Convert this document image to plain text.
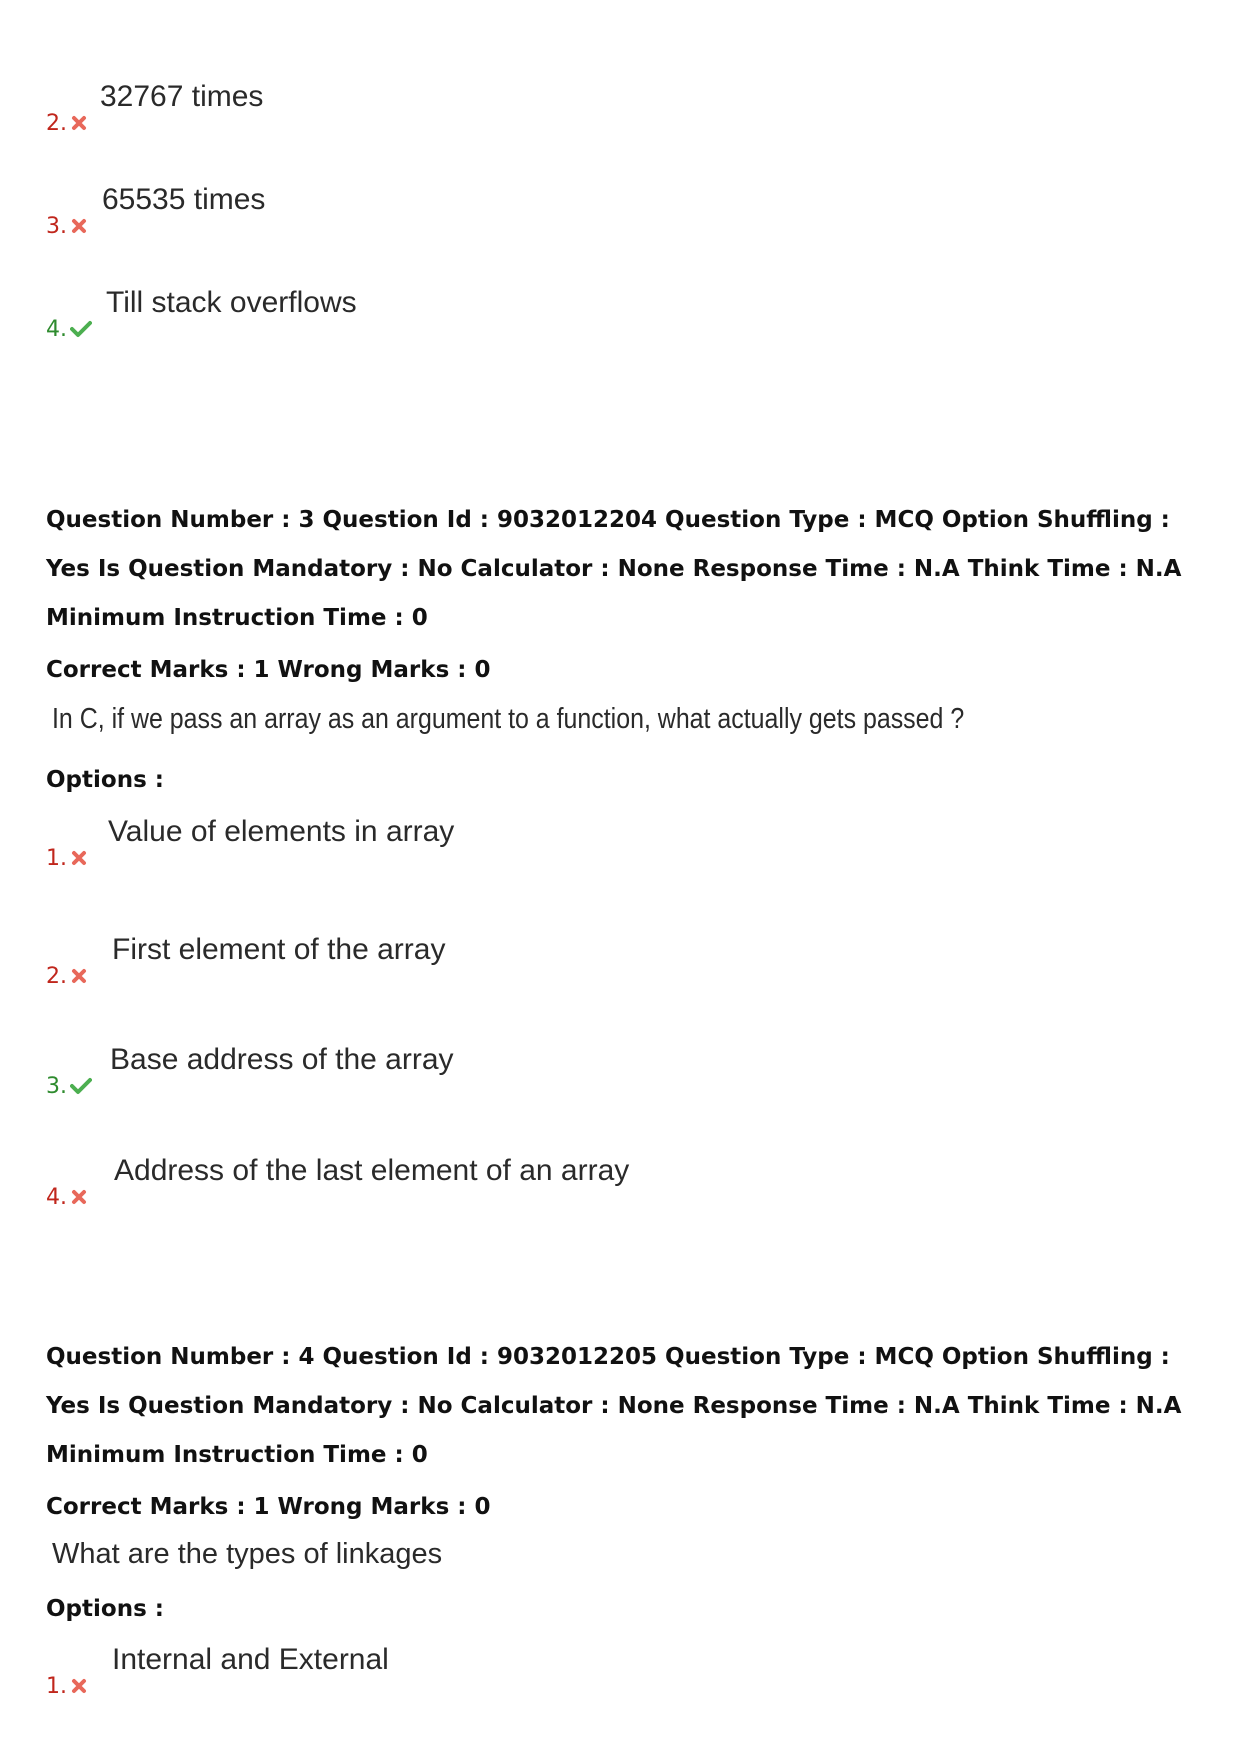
2.
32767 times
3.
65535 times
4.
Till stack overflows
Question Number : 3 Question Id : 9032012204 Question Type : MCQ Option Shuffling : Yes Is Question Mandatory : No Calculator : None Response Time : N.A Think Time : N.A Minimum Instruction Time : 0
Correct Marks : 1 Wrong Marks : 0
In C, if we pass an array as an argument to a function, what actually gets passed ?
Options :
1.
Value of elements in array
2.
First element of the array
3.
Base address of the array
4.
Address of the last element of an array
Question Number : 4 Question Id : 9032012205 Question Type : MCQ Option Shuffling : Yes Is Question Mandatory : No Calculator : None Response Time : N.A Think Time : N.A Minimum Instruction Time : 0
Correct Marks : 1 Wrong Marks : 0
What are the types of linkages
Options :
1.
Internal and External
